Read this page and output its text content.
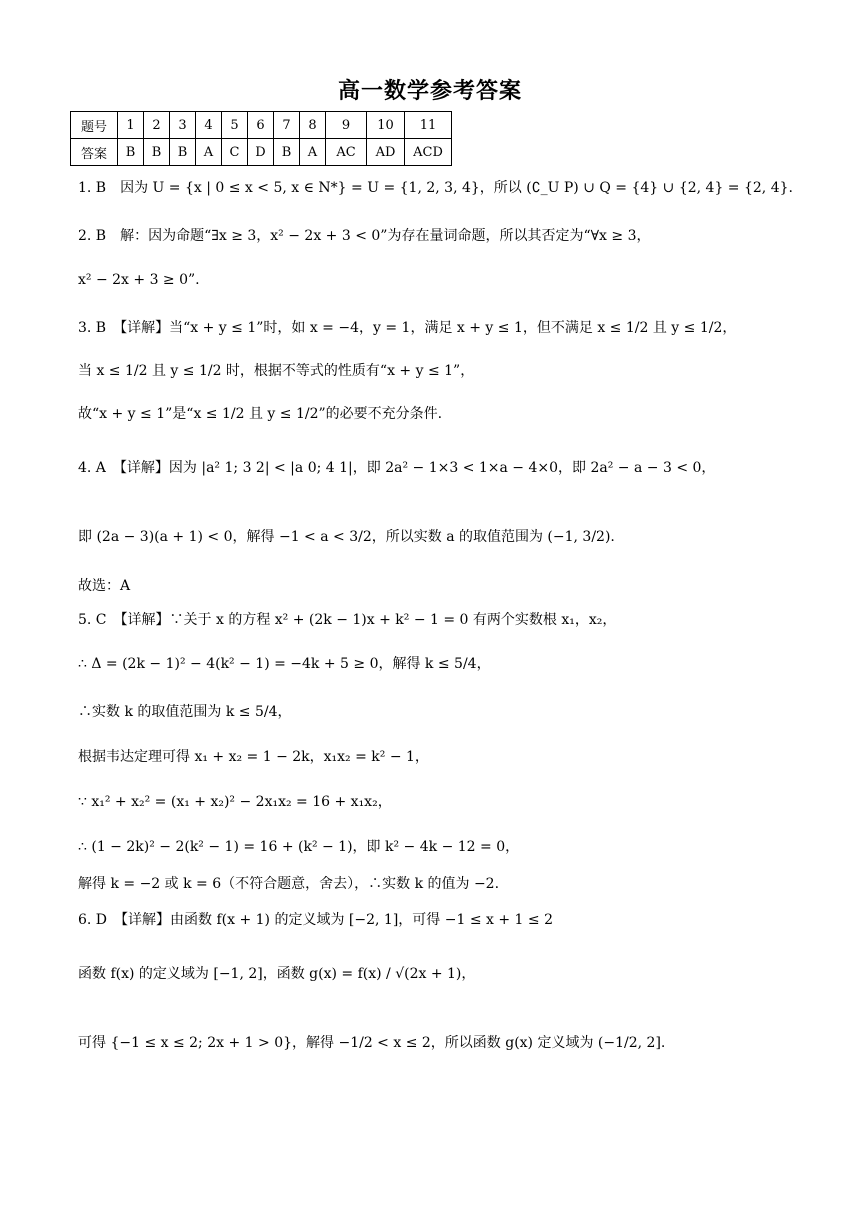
高一数学参考答案
题号	1	2	3	4	5	6	7	8	9	10	11
答案	B	B	B	A	C	D	B	A	AC	AD	ACD
1. B　因为 U = {x | 0 ≤ x < 5, x ∈ N*} = U = {1, 2, 3, 4}，所以 (∁_U P) ∪ Q = {4} ∪ {2, 4} = {2, 4}.
2. B　解：因为命题“∃x ≥ 3，x² − 2x + 3 < 0”为存在量词命题，所以其否定为“∀x ≥ 3，
x² − 2x + 3 ≥ 0”.
3. B　【详解】当“x + y ≤ 1”时，如 x = −4，y = 1，满足 x + y ≤ 1，但不满足 x ≤ 1/2 且 y ≤ 1/2，
当 x ≤ 1/2 且 y ≤ 1/2 时，根据不等式的性质有“x + y ≤ 1”，
故“x + y ≤ 1”是“x ≤ 1/2 且 y ≤ 1/2”的必要不充分条件.
4. A　【详解】因为 |a² 1; 3 2| < |a 0; 4 1|，即 2a² − 1×3 < 1×a − 4×0，即 2a² − a − 3 < 0，
即 (2a − 3)(a + 1) < 0，解得 −1 < a < 3/2，所以实数 a 的取值范围为 (−1, 3/2).
故选：A
5. C　【详解】∵关于 x 的方程 x² + (2k − 1)x + k² − 1 = 0 有两个实数根 x₁，x₂，
∴ Δ = (2k − 1)² − 4(k² − 1) = −4k + 5 ≥ 0，解得 k ≤ 5/4，
∴实数 k 的取值范围为 k ≤ 5/4，
根据韦达定理可得 x₁ + x₂ = 1 − 2k，x₁x₂ = k² − 1，
∵ x₁² + x₂² = (x₁ + x₂)² − 2x₁x₂ = 16 + x₁x₂，
∴ (1 − 2k)² − 2(k² − 1) = 16 + (k² − 1)，即 k² − 4k − 12 = 0，
解得 k = −2 或 k = 6（不符合题意，舍去），∴实数 k 的值为 −2.
6. D　【详解】由函数 f(x + 1) 的定义域为 [−2, 1]，可得 −1 ≤ x + 1 ≤ 2
函数 f(x) 的定义域为 [−1, 2]，函数 g(x) = f(x) / √(2x + 1)，
可得 {−1 ≤ x ≤ 2; 2x + 1 > 0}，解得 −1/2 < x ≤ 2，所以函数 g(x) 定义域为 (−1/2, 2].
